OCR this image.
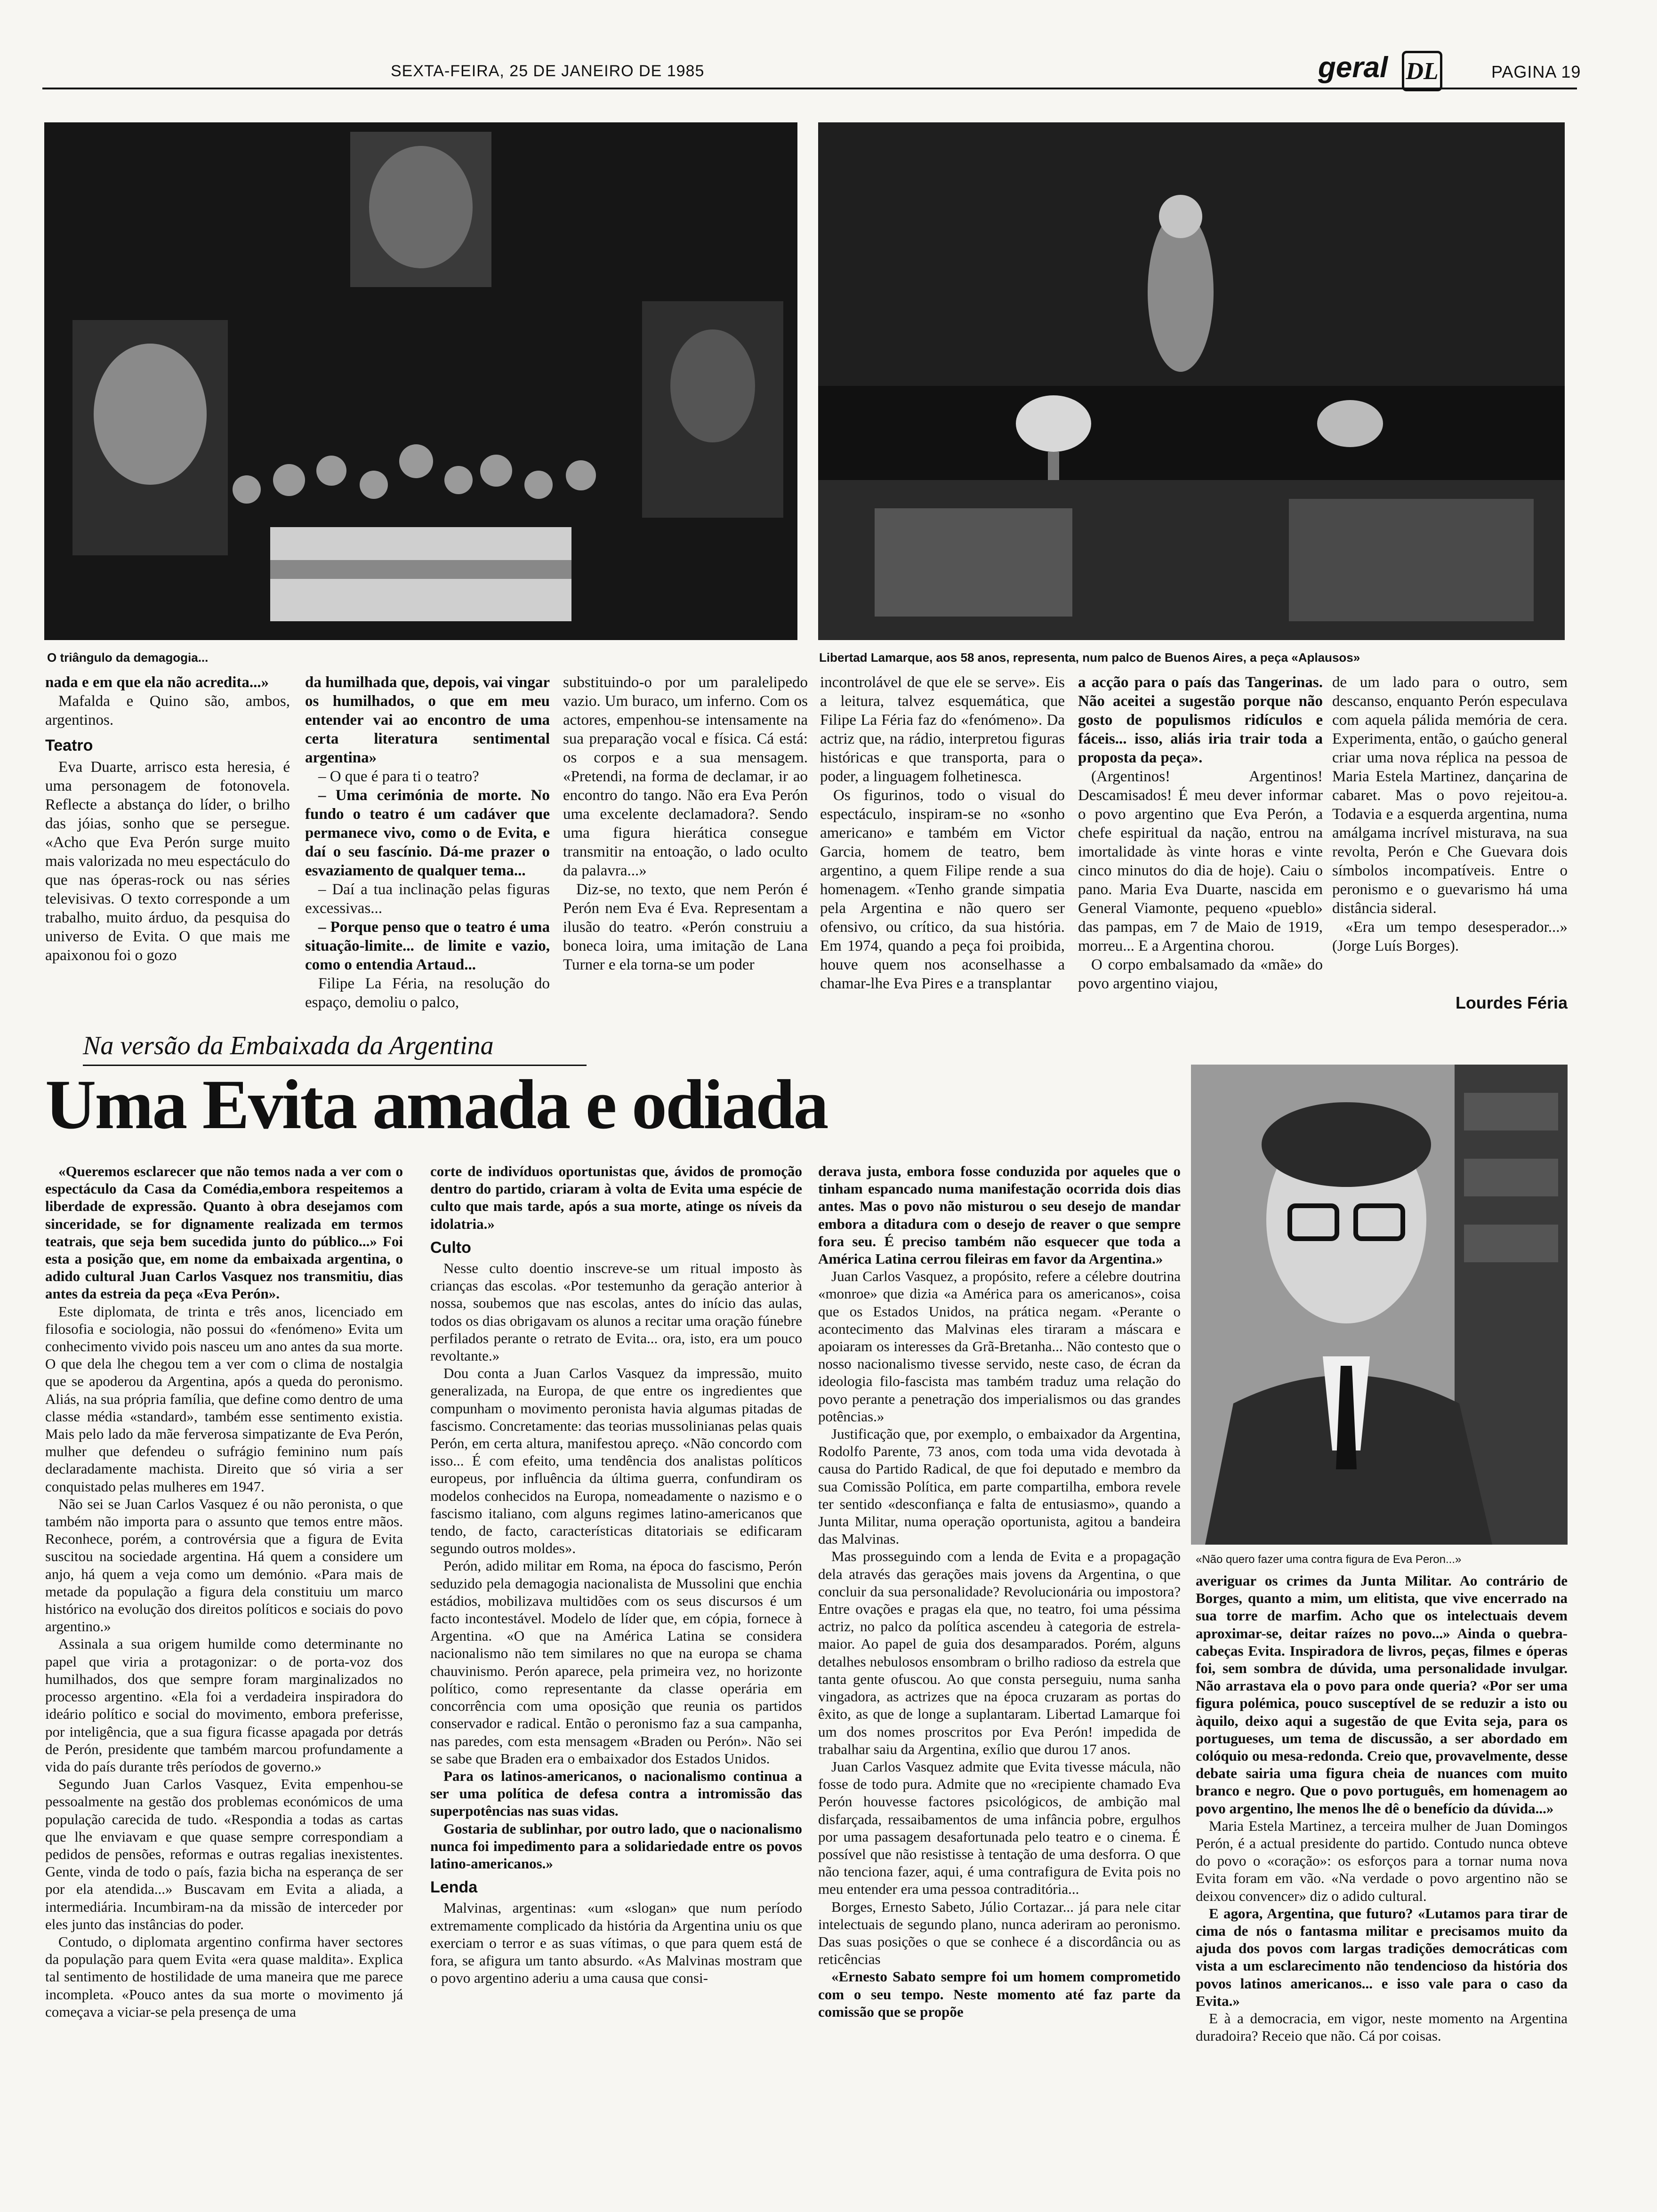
SEXTA-FEIRA, 25 DE JANEIRO DE 1985	geral DL	PAGINA 19
O triângulo da demagogia...	Libertad Lamarque, aos 58 anos, representa, num palco de Buenos Aires, a peça «Aplausos»

nada e em que ela não acredita...»

Mafalda e Quino são, ambos, argentinos.

Teatro

Eva Duarte, arrisco esta heresia, é uma personagem de fotonovela. Reflecte a abstança do líder, o brilho das jóias, sonho que se persegue. «Acho que Eva Perón surge muito mais valorizada no meu espectáculo do que nas óperas-rock ou nas séries televisivas. O texto corresponde a um trabalho, muito árduo, da pesquisa do universo de Evita. O que mais me apaixonou foi o gozo

da humilhada que, depois, vai vingar os humilhados, o que em meu entender vai ao encontro de uma certa literatura sentimental argentina»

– O que é para ti o teatro?

– Uma cerimónia de morte. No fundo o teatro é um cadáver que permanece vivo, como o de Evita, e daí o seu fascínio. Dá-me prazer o esvaziamento de qualquer tema...

– Daí a tua inclinação pelas figuras excessivas...

– Porque penso que o teatro é uma situação-limite... de limite e vazio, como o entendia Artaud...

Filipe La Féria, na resolução do espaço, demoliu o palco,

substituindo-o por um paralelipedo vazio. Um buraco, um inferno. Com os actores, empenhou-se intensamente na sua preparação vocal e física. Cá está: os corpos e a sua mensagem. «Pretendi, na forma de declamar, ir ao encontro do tango. Não era Eva Perón uma excelente declamadora?. Sendo uma figura hierática consegue transmitir na entoação, o lado oculto da palavra...»

Diz-se, no texto, que nem Perón é Perón nem Eva é Eva. Representam a ilusão do teatro. «Perón construiu a boneca loira, uma imitação de Lana Turner e ela torna-se um poder

incontrolável de que ele se serve». Eis a leitura, talvez esquemática, que Filipe La Féria faz do «fenómeno». Da actriz que, na rádio, interpretou figuras históricas e que transporta, para o poder, a linguagem folhetinesca.

Os figurinos, todo o visual do espectáculo, inspiram-se no «sonho americano» e também em Victor Garcia, homem de teatro, bem argentino, a quem Filipe rende a sua homenagem. «Tenho grande simpatia pela Argentina e não quero ser ofensivo, ou crítico, da sua história. Em 1974, quando a peça foi proibida, houve quem nos aconselhasse a chamar-lhe Eva Pires e a transplantar

a acção para o país das Tangerinas. Não aceitei a sugestão porque não gosto de populismos ridículos e fáceis... isso, aliás iria trair toda a proposta da peça».

(Argentinos! Argentinos! Descamisados! É meu dever informar o povo argentino que Eva Perón, a chefe espiritual da nação, entrou na imortalidade às vinte horas e vinte cinco minutos do dia de hoje). Caiu o pano. Maria Eva Duarte, nascida em General Viamonte, pequeno «pueblo» das pampas, em 7 de Maio de 1919, morreu... E a Argentina chorou.

O corpo embalsamado da «mãe» do povo argentino viajou,

de um lado para o outro, sem descanso, enquanto Perón especulava com aquela pálida memória de cera. Experimenta, então, o gaúcho general criar uma nova réplica na pessoa de Maria Estela Martinez, dançarina de cabaret. Mas o povo rejeitou-a. Todavia e a esquerda argentina, numa amálgama incrível misturava, na sua revolta, Perón e Che Guevara dois símbolos incompatíveis. Entre o peronismo e o guevarismo há uma distância sideral.

«Era um tempo desesperador...» (Jorge Luís Borges).

Lourdes Féria
Na versão da Embaixada da Argentina
Uma Evita amada e odiada
«Não quero fazer uma contra figura de Eva Peron...»

«Queremos esclarecer que não temos nada a ver com o espectáculo da Casa da Comédia,embora respeitemos a liberdade de expressão. Quanto à obra desejamos com sinceridade, se for dignamente realizada em termos teatrais, que seja bem sucedida junto do público...» Foi esta a posição que, em nome da embaixada argentina, o adido cultural Juan Carlos Vasquez nos transmitiu, dias antes da estreia da peça «Eva Perón».

Este diplomata, de trinta e três anos, licenciado em filosofia e sociologia, não possui do «fenómeno» Evita um conhecimento vivido pois nasceu um ano antes da sua morte. O que dela lhe chegou tem a ver com o clima de nostalgia que se apoderou da Argentina, após a queda do peronismo. Aliás, na sua própria família, que define como dentro de uma classe média «standard», também esse sentimento existia. Mais pelo lado da mãe ferverosa simpatizante de Eva Perón, mulher que defendeu o sufrágio feminino num país declaradamente machista. Direito que só viria a ser conquistado pelas mulheres em 1947.

Não sei se Juan Carlos Vasquez é ou não peronista, o que também não importa para o assunto que temos entre mãos. Reconhece, porém, a controvérsia que a figura de Evita suscitou na sociedade argentina. Há quem a considere um anjo, há quem a veja como um demónio. «Para mais de metade da população a figura dela constituiu um marco histórico na evolução dos direitos políticos e sociais do povo argentino.»

Assinala a sua origem humilde como determinante no papel que viria a protagonizar: o de porta-voz dos humilhados, dos que sempre foram marginalizados no processo argentino. «Ela foi a verdadeira inspiradora do ideário político e social do movimento, embora preferisse, por inteligência, que a sua figura ficasse apagada por detrás de Perón, presidente que também marcou profundamente a vida do país durante três períodos de governo.»

Segundo Juan Carlos Vasquez, Evita empenhou-se pessoalmente na gestão dos problemas económicos de uma população carecida de tudo. «Respondia a todas as cartas que lhe enviavam e que quase sempre correspondiam a pedidos de pensões, reformas e outras regalias inexistentes. Gente, vinda de todo o país, fazia bicha na esperança de ser por ela atendida...» Buscavam em Evita a aliada, a intermediária. Incumbiram-na da missão de interceder por eles junto das instâncias do poder.

Contudo, o diplomata argentino confirma haver sectores da população para quem Evita «era quase maldita». Explica tal sentimento de hostilidade de uma maneira que me parece incompleta. «Pouco antes da sua morte o movimento já começava a viciar-se pela presença de uma

corte de indivíduos oportunistas que, ávidos de promoção dentro do partido, criaram à volta de Evita uma espécie de culto que mais tarde, após a sua morte, atinge os níveis da idolatria.»

Culto

Nesse culto doentio inscreve-se um ritual imposto às crianças das escolas. «Por testemunho da geração anterior à nossa, soubemos que nas escolas, antes do início das aulas, todos os dias obrigavam os alunos a recitar uma oração fúnebre perfilados perante o retrato de Evita... ora, isto, era um pouco revoltante.»

Dou conta a Juan Carlos Vasquez da impressão, muito generalizada, na Europa, de que entre os ingredientes que compunham o movimento peronista havia algumas pitadas de fascismo. Concretamente: das teorias mussolinianas pelas quais Perón, em certa altura, manifestou apreço. «Não concordo com isso... É com efeito, uma tendência dos analistas políticos europeus, por influência da última guerra, confundiram os modelos conhecidos na Europa, nomeadamente o nazismo e o fascismo italiano, com alguns regimes latino-americanos que tendo, de facto, características ditatoriais se edificaram segundo outros moldes».

Perón, adido militar em Roma, na época do fascismo, Perón seduzido pela demagogia nacionalista de Mussolini que enchia estádios, mobilizava multidões com os seus discursos é um facto incontestável. Modelo de líder que, em cópia, fornece à Argentina. «O que na América Latina se considera nacionalismo não tem similares no que na europa se chama chauvinismo. Perón aparece, pela primeira vez, no horizonte político, como representante da classe operária em concorrência com uma oposição que reunia os partidos conservador e radical. Então o peronismo faz a sua campanha, nas paredes, com esta mensagem «Braden ou Perón». Não sei se sabe que Braden era o embaixador dos Estados Unidos.

Para os latinos-americanos, o nacionalismo continua a ser uma política de defesa contra a intromissão das superpotências nas suas vidas.

Gostaria de sublinhar, por outro lado, que o nacionalismo nunca foi impedimento para a solidariedade entre os povos latino-americanos.»

Lenda

Malvinas, argentinas: «um «slogan» que num período extremamente complicado da história da Argentina uniu os que exerciam o terror e as suas vítimas, o que para quem está de fora, se afigura um tanto absurdo. «As Malvinas mostram que o povo argentino aderiu a uma causa que consi-

derava justa, embora fosse conduzida por aqueles que o tinham espancado numa manifestação ocorrida dois dias antes. Mas o povo não misturou o seu desejo de mandar embora a ditadura com o desejo de reaver o que sempre fora seu. É preciso também não esquecer que toda a América Latina cerrou fileiras em favor da Argentina.»

Juan Carlos Vasquez, a propósito, refere a célebre doutrina «monroe» que dizia «a América para os americanos», coisa que os Estados Unidos, na prática negam. «Perante o acontecimento das Malvinas eles tiraram a máscara e apoiaram os interesses da Grã-Bretanha... Não contesto que o nosso nacionalismo tivesse servido, neste caso, de écran da ideologia filo-fascista mas também traduz uma relação do povo perante a penetração dos imperialismos ou das grandes potências.»

Justificação que, por exemplo, o embaixador da Argentina, Rodolfo Parente, 73 anos, com toda uma vida devotada à causa do Partido Radical, de que foi deputado e membro da sua Comissão Política, em parte compartilha, embora revele ter sentido «desconfiança e falta de entusiasmo», quando a Junta Militar, numa operação oportunista, agitou a bandeira das Malvinas.

Mas prosseguindo com a lenda de Evita e a propagação dela através das gerações mais jovens da Argentina, o que concluir da sua personalidade? Revolucionária ou impostora? Entre ovações e pragas ela que, no teatro, foi uma péssima actriz, no palco da política ascendeu à categoria de estrela-maior. Ao papel de guia dos desamparados. Porém, alguns detalhes nebulosos ensombram o brilho radioso da estrela que tanta gente ofuscou. Ao que consta perseguiu, numa sanha vingadora, as actrizes que na época cruzaram as portas do êxito, as que de longe a suplantaram. Libertad Lamarque foi um dos nomes proscritos por Eva Perón! impedida de trabalhar saiu da Argentina, exílio que durou 17 anos.

Juan Carlos Vasquez admite que Evita tivesse mácula, não fosse de todo pura. Admite que no «recipiente chamado Eva Perón houvesse factores psicológicos, de ambição mal disfarçada, ressaibamentos de uma infância pobre, ergulhos por uma passagem desafortunada pelo teatro e o cinema. É possível que não resistisse à tentação de uma desforra. O que não tenciona fazer, aqui, é uma contrafigura de Evita pois no meu entender era uma pessoa contraditória...

Borges, Ernesto Sabeto, Júlio Cortazar... já para nele citar intelectuais de segundo plano, nunca aderiram ao peronismo. Das suas posições o que se conhece é a discordância ou as reticências

«Ernesto Sabato sempre foi um homem comprometido com o seu tempo. Neste momento até faz parte da comissão que se propõe

averiguar os crimes da Junta Militar. Ao contrário de Borges, quanto a mim, um elitista, que vive encerrado na sua torre de marfim. Acho que os intelectuais devem aproximar-se, deitar raízes no povo...» Ainda o quebra-cabeças Evita. Inspiradora de livros, peças, filmes e óperas foi, sem sombra de dúvida, uma personalidade invulgar. Não arrastava ela o povo para onde queria? «Por ser uma figura polémica, pouco susceptível de se reduzir a isto ou àquilo, deixo aqui a sugestão de que Evita seja, para os portugueses, um tema de discussão, a ser abordado em colóquio ou mesa-redonda. Creio que, provavelmente, desse debate sairia uma figura cheia de nuances com muito branco e negro. Que o povo português, em homenagem ao povo argentino, lhe menos lhe dê o benefício da dúvida...»

Maria Estela Martinez, a terceira mulher de Juan Domingos Perón, é a actual presidente do partido. Contudo nunca obteve do povo o «coração»: os esforços para a tornar numa nova Evita foram em vão. «Na verdade o povo argentino não se deixou convencer» diz o adido cultural.

E agora, Argentina, que futuro? «Lutamos para tirar de cima de nós o fantasma militar e precisamos muito da ajuda dos povos com largas tradições democráticas com vista a um esclarecimento não tendencioso da história dos povos latinos americanos... e isso vale para o caso da Evita.»

E à a democracia, em vigor, neste momento na Argentina duradoira? Receio que não. Cá por coisas.
